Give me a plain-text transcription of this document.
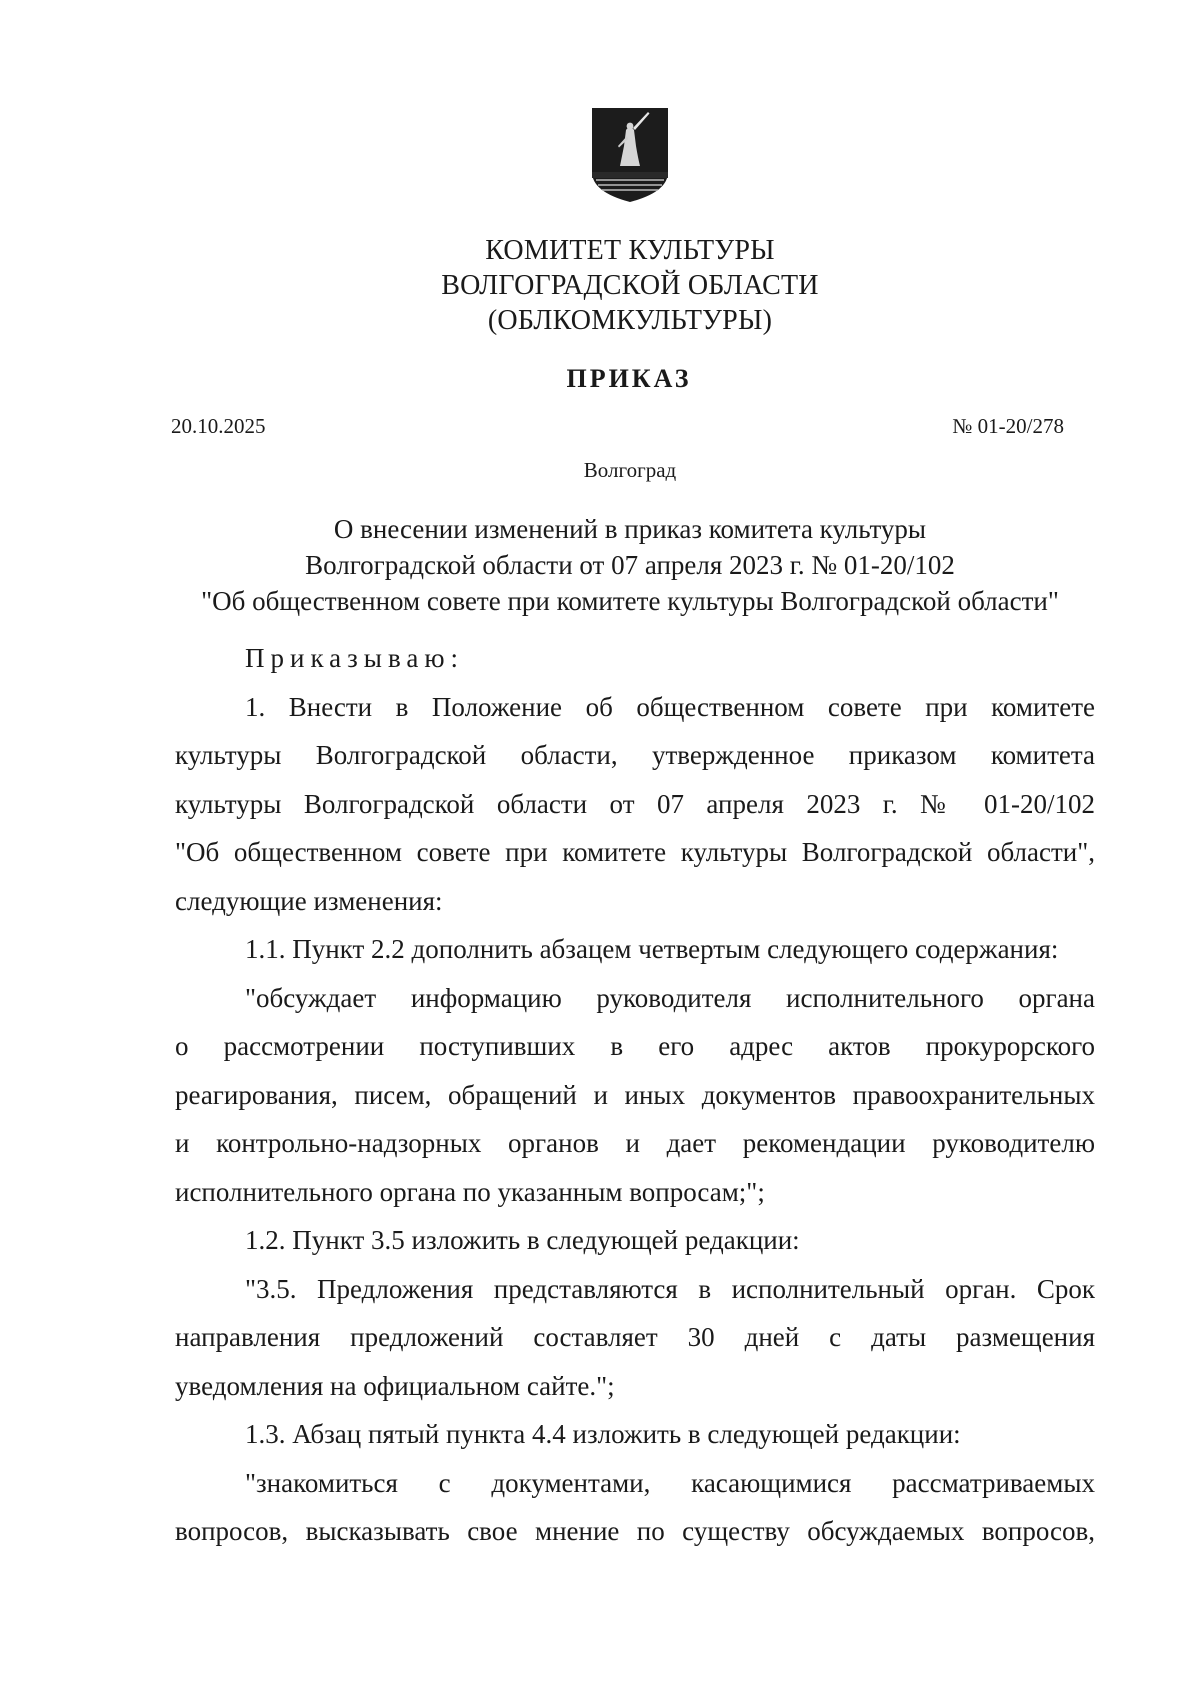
КОМИТЕТ КУЛЬТУРЫ
ВОЛГОГРАДСКОЙ ОБЛАСТИ
(ОБЛКОМКУЛЬТУРЫ)
ПРИКАЗ
20.10.2025	№ 01-20/278
Волгоград
О внесении изменений в приказ комитета культуры
Волгоградской области от 07 апреля 2023 г. № 01-20/102
"Об общественном совете при комитете культуры Волгоградской области"

Приказываю:

1. Внести в Положение об общественном совете при комитете
культуры Волгоградской области, утвержденное приказом комитета
культуры Волгоградской области от 07 апреля 2023 г. № 01-20/102
"Об общественном совете при комитете культуры Волгоградской области",
следующие изменения:

1.1. Пункт 2.2 дополнить абзацем четвертым следующего содержания:

"обсуждает информацию руководителя исполнительного органа
о рассмотрении поступивших в его адрес актов прокурорского
реагирования, писем, обращений и иных документов правоохранительных
и контрольно-надзорных органов и дает рекомендации руководителю
исполнительного органа по указанным вопросам;";

1.2. Пункт 3.5 изложить в следующей редакции:

"3.5. Предложения представляются в исполнительный орган. Срок
направления предложений составляет 30 дней с даты размещения
уведомления на официальном сайте.";

1.3. Абзац пятый пункта 4.4 изложить в следующей редакции:

"знакомиться с документами, касающимися рассматриваемых
вопросов, высказывать свое мнение по существу обсуждаемых вопросов,
